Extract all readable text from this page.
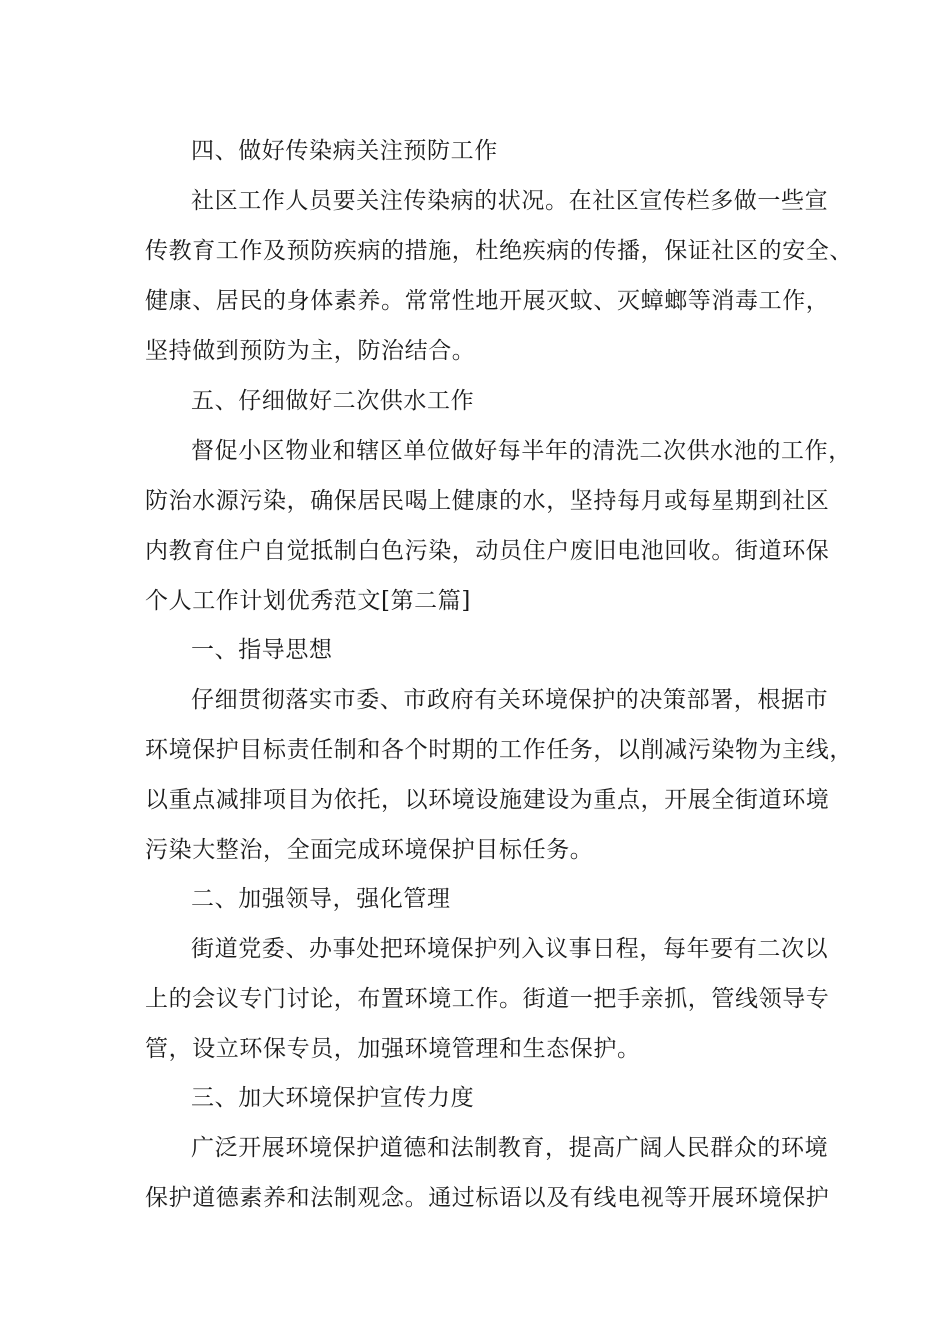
四、做好传染病关注预防工作
社区工作人员要关注传染病的状况。在社区宣传栏多做一些宣
传教育工作及预防疾病的措施，杜绝疾病的传播，保证社区的安全、
健康、居民的身体素养。常常性地开展灭蚊、灭蟑螂等消毒工作，
坚持做到预防为主，防治结合。
五、仔细做好二次供水工作
督促小区物业和辖区单位做好每半年的清洗二次供水池的工作，
防治水源污染，确保居民喝上健康的水，坚持每月或每星期到社区
内教育住户自觉抵制白色污染，动员住户废旧电池回收。街道环保
个人工作计划优秀范文[第二篇]
一、指导思想
仔细贯彻落实市委、市政府有关环境保护的决策部署，根据市
环境保护目标责任制和各个时期的工作任务，以削减污染物为主线，
以重点减排项目为依托，以环境设施建设为重点，开展全街道环境
污染大整治，全面完成环境保护目标任务。
二、加强领导，强化管理
街道党委、办事处把环境保护列入议事日程，每年要有二次以
上的会议专门讨论，布置环境工作。街道一把手亲抓，管线领导专
管，设立环保专员，加强环境管理和生态保护。
三、加大环境保护宣传力度
广泛开展环境保护道德和法制教育，提高广阔人民群众的环境
保护道德素养和法制观念。通过标语以及有线电视等开展环境保护
